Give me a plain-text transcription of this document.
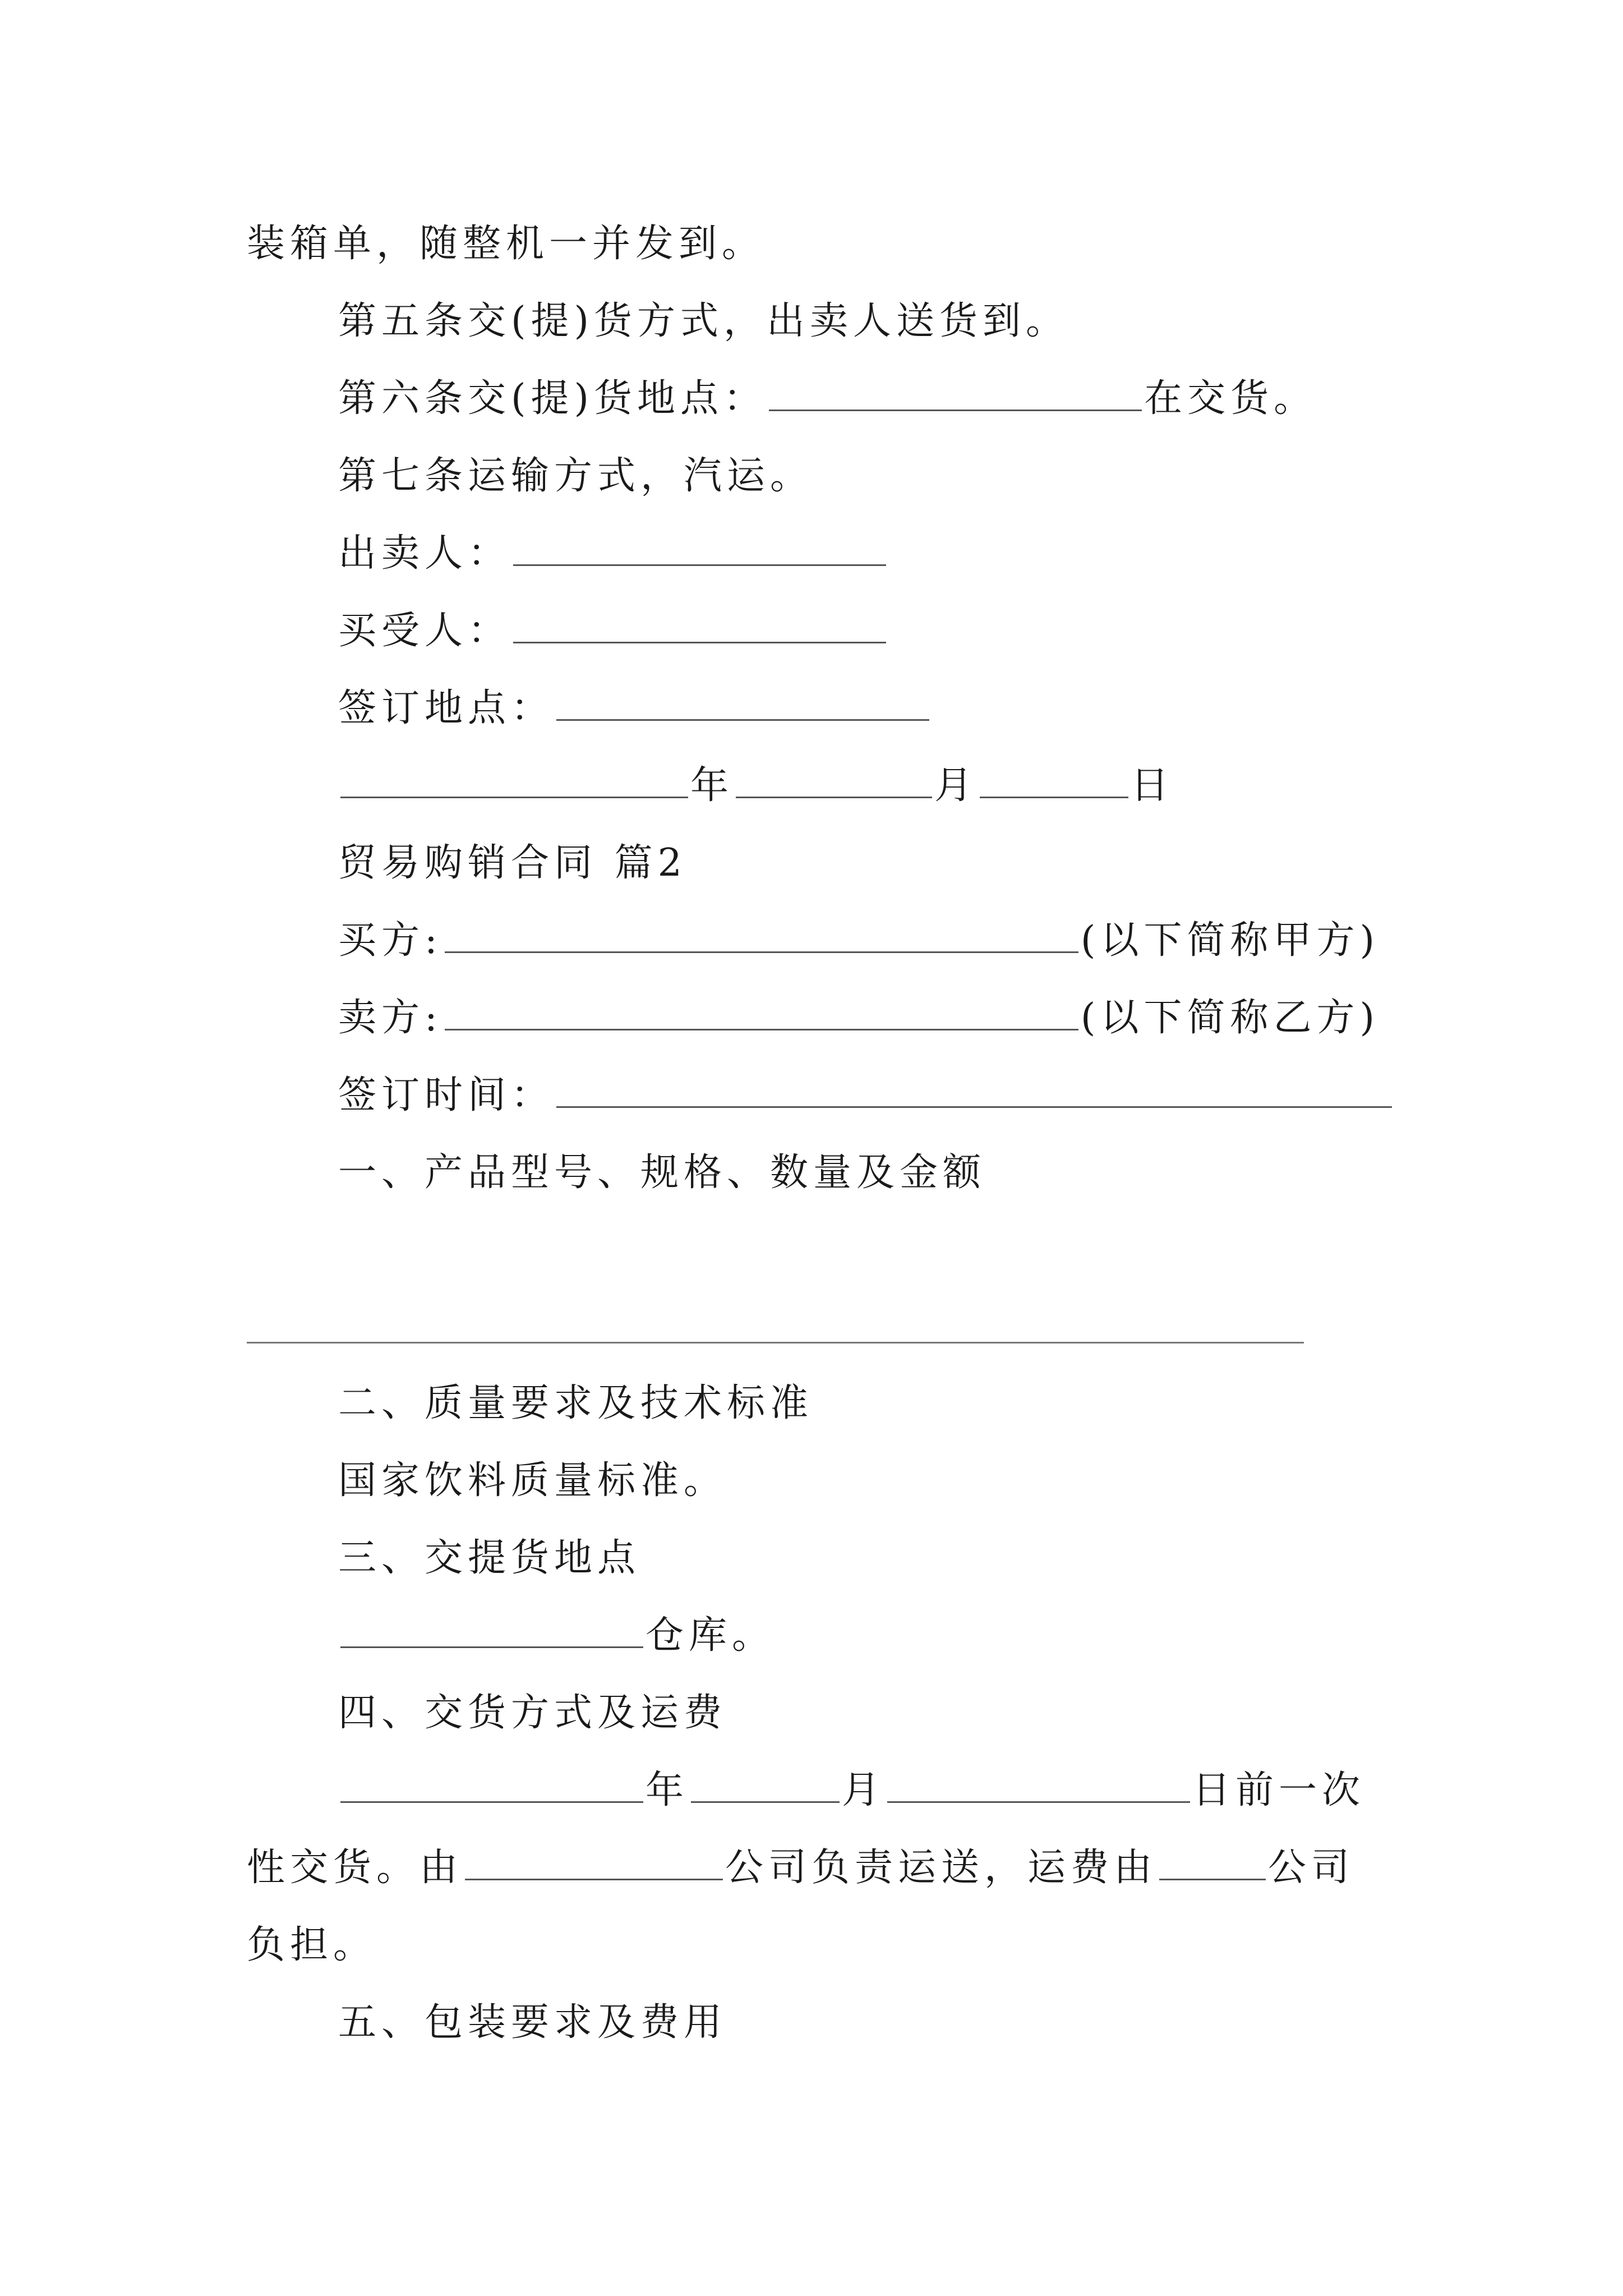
装箱单，随整机一并发到。
第五条交(提)货方式，出卖人送货到。
第六条交(提)货地点：	在交货。
第七条运输方式，汽运。
出卖人：
买受人：
签订地点：
年	月	日
贸易购销合同 篇2
买方:	(以下简称甲方)
卖方:	(以下简称乙方)
签订时间：
一、产品型号、规格、数量及金额
二、质量要求及技术标准
国家饮料质量标准。
三、交提货地点
仓库。
四、交货方式及运费
年	月	日前一次
性交货。由	公司负责运送，运费由	公司
负担。
五、包装要求及费用
